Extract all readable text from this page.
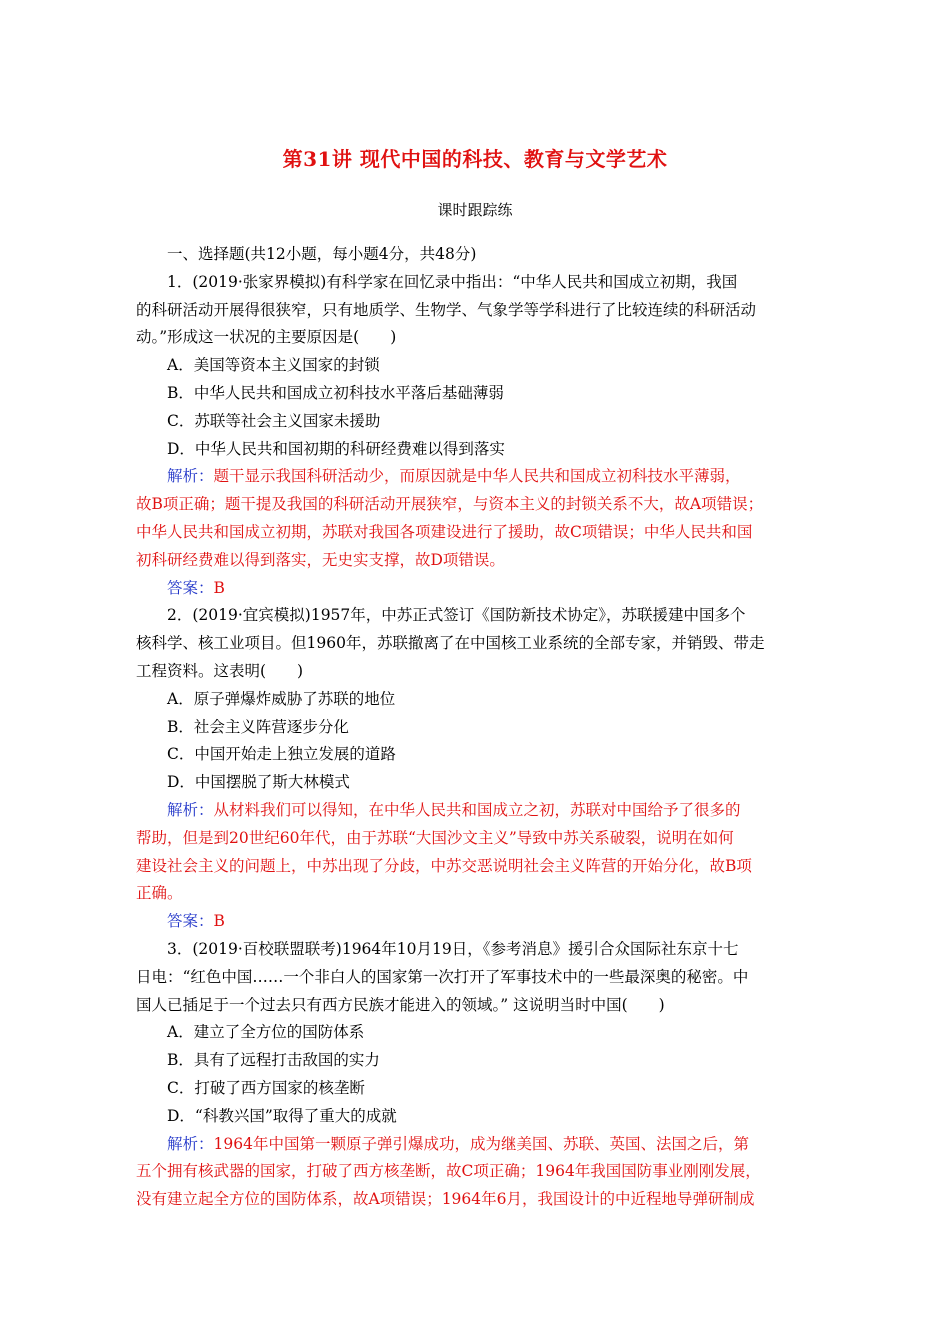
第31讲 现代中国的科技、教育与文学艺术
课时跟踪练
一、选择题(共12小题，每小题4分，共48分)
1．(2019·张家界模拟)有科学家在回忆录中指出：“中华人民共和国成立初期，我国
的科研活动开展得很狭窄，只有地质学、生物学、气象学等学科进行了比较连续的科研活动
动。”形成这一状况的主要原因是(　　)
A．美国等资本主义国家的封锁
B．中华人民共和国成立初科技水平落后基础薄弱
C．苏联等社会主义国家未援助
D．中华人民共和国初期的科研经费难以得到落实
解析：题干显示我国科研活动少，而原因就是中华人民共和国成立初科技水平薄弱，
故B项正确；题干提及我国的科研活动开展狭窄，与资本主义的封锁关系不大，故A项错误；
中华人民共和国成立初期，苏联对我国各项建设进行了援助，故C项错误；中华人民共和国
初科研经费难以得到落实，无史实支撑，故D项错误。
答案：B
2．(2019·宜宾模拟)1957年，中苏正式签订《国防新技术协定》，苏联援建中国多个
核科学、核工业项目。但1960年，苏联撤离了在中国核工业系统的全部专家，并销毁、带走
工程资料。这表明(　　)
A．原子弹爆炸威胁了苏联的地位
B．社会主义阵营逐步分化
C．中国开始走上独立发展的道路
D．中国摆脱了斯大林模式
解析：从材料我们可以得知，在中华人民共和国成立之初，苏联对中国给予了很多的
帮助，但是到20世纪60年代，由于苏联“大国沙文主义”导致中苏关系破裂，说明在如何
建设社会主义的问题上，中苏出现了分歧，中苏交恶说明社会主义阵营的开始分化，故B项
正确。
答案：B
3．(2019·百校联盟联考)1964年10月19日，《参考消息》援引合众国际社东京十七
日电：“红色中国……一个非白人的国家第一次打开了军事技术中的一些最深奥的秘密。中
国人已插足于一个过去只有西方民族才能进入的领域。” 这说明当时中国(　　)
A．建立了全方位的国防体系
B．具有了远程打击敌国的实力
C．打破了西方国家的核垄断
D．“科教兴国”取得了重大的成就
解析：1964年中国第一颗原子弹引爆成功，成为继美国、苏联、英国、法国之后，第
五个拥有核武器的国家，打破了西方核垄断，故C项正确；1964年我国国防事业刚刚发展，
没有建立起全方位的国防体系，故A项错误；1964年6月，我国设计的中近程地导弹研制成
